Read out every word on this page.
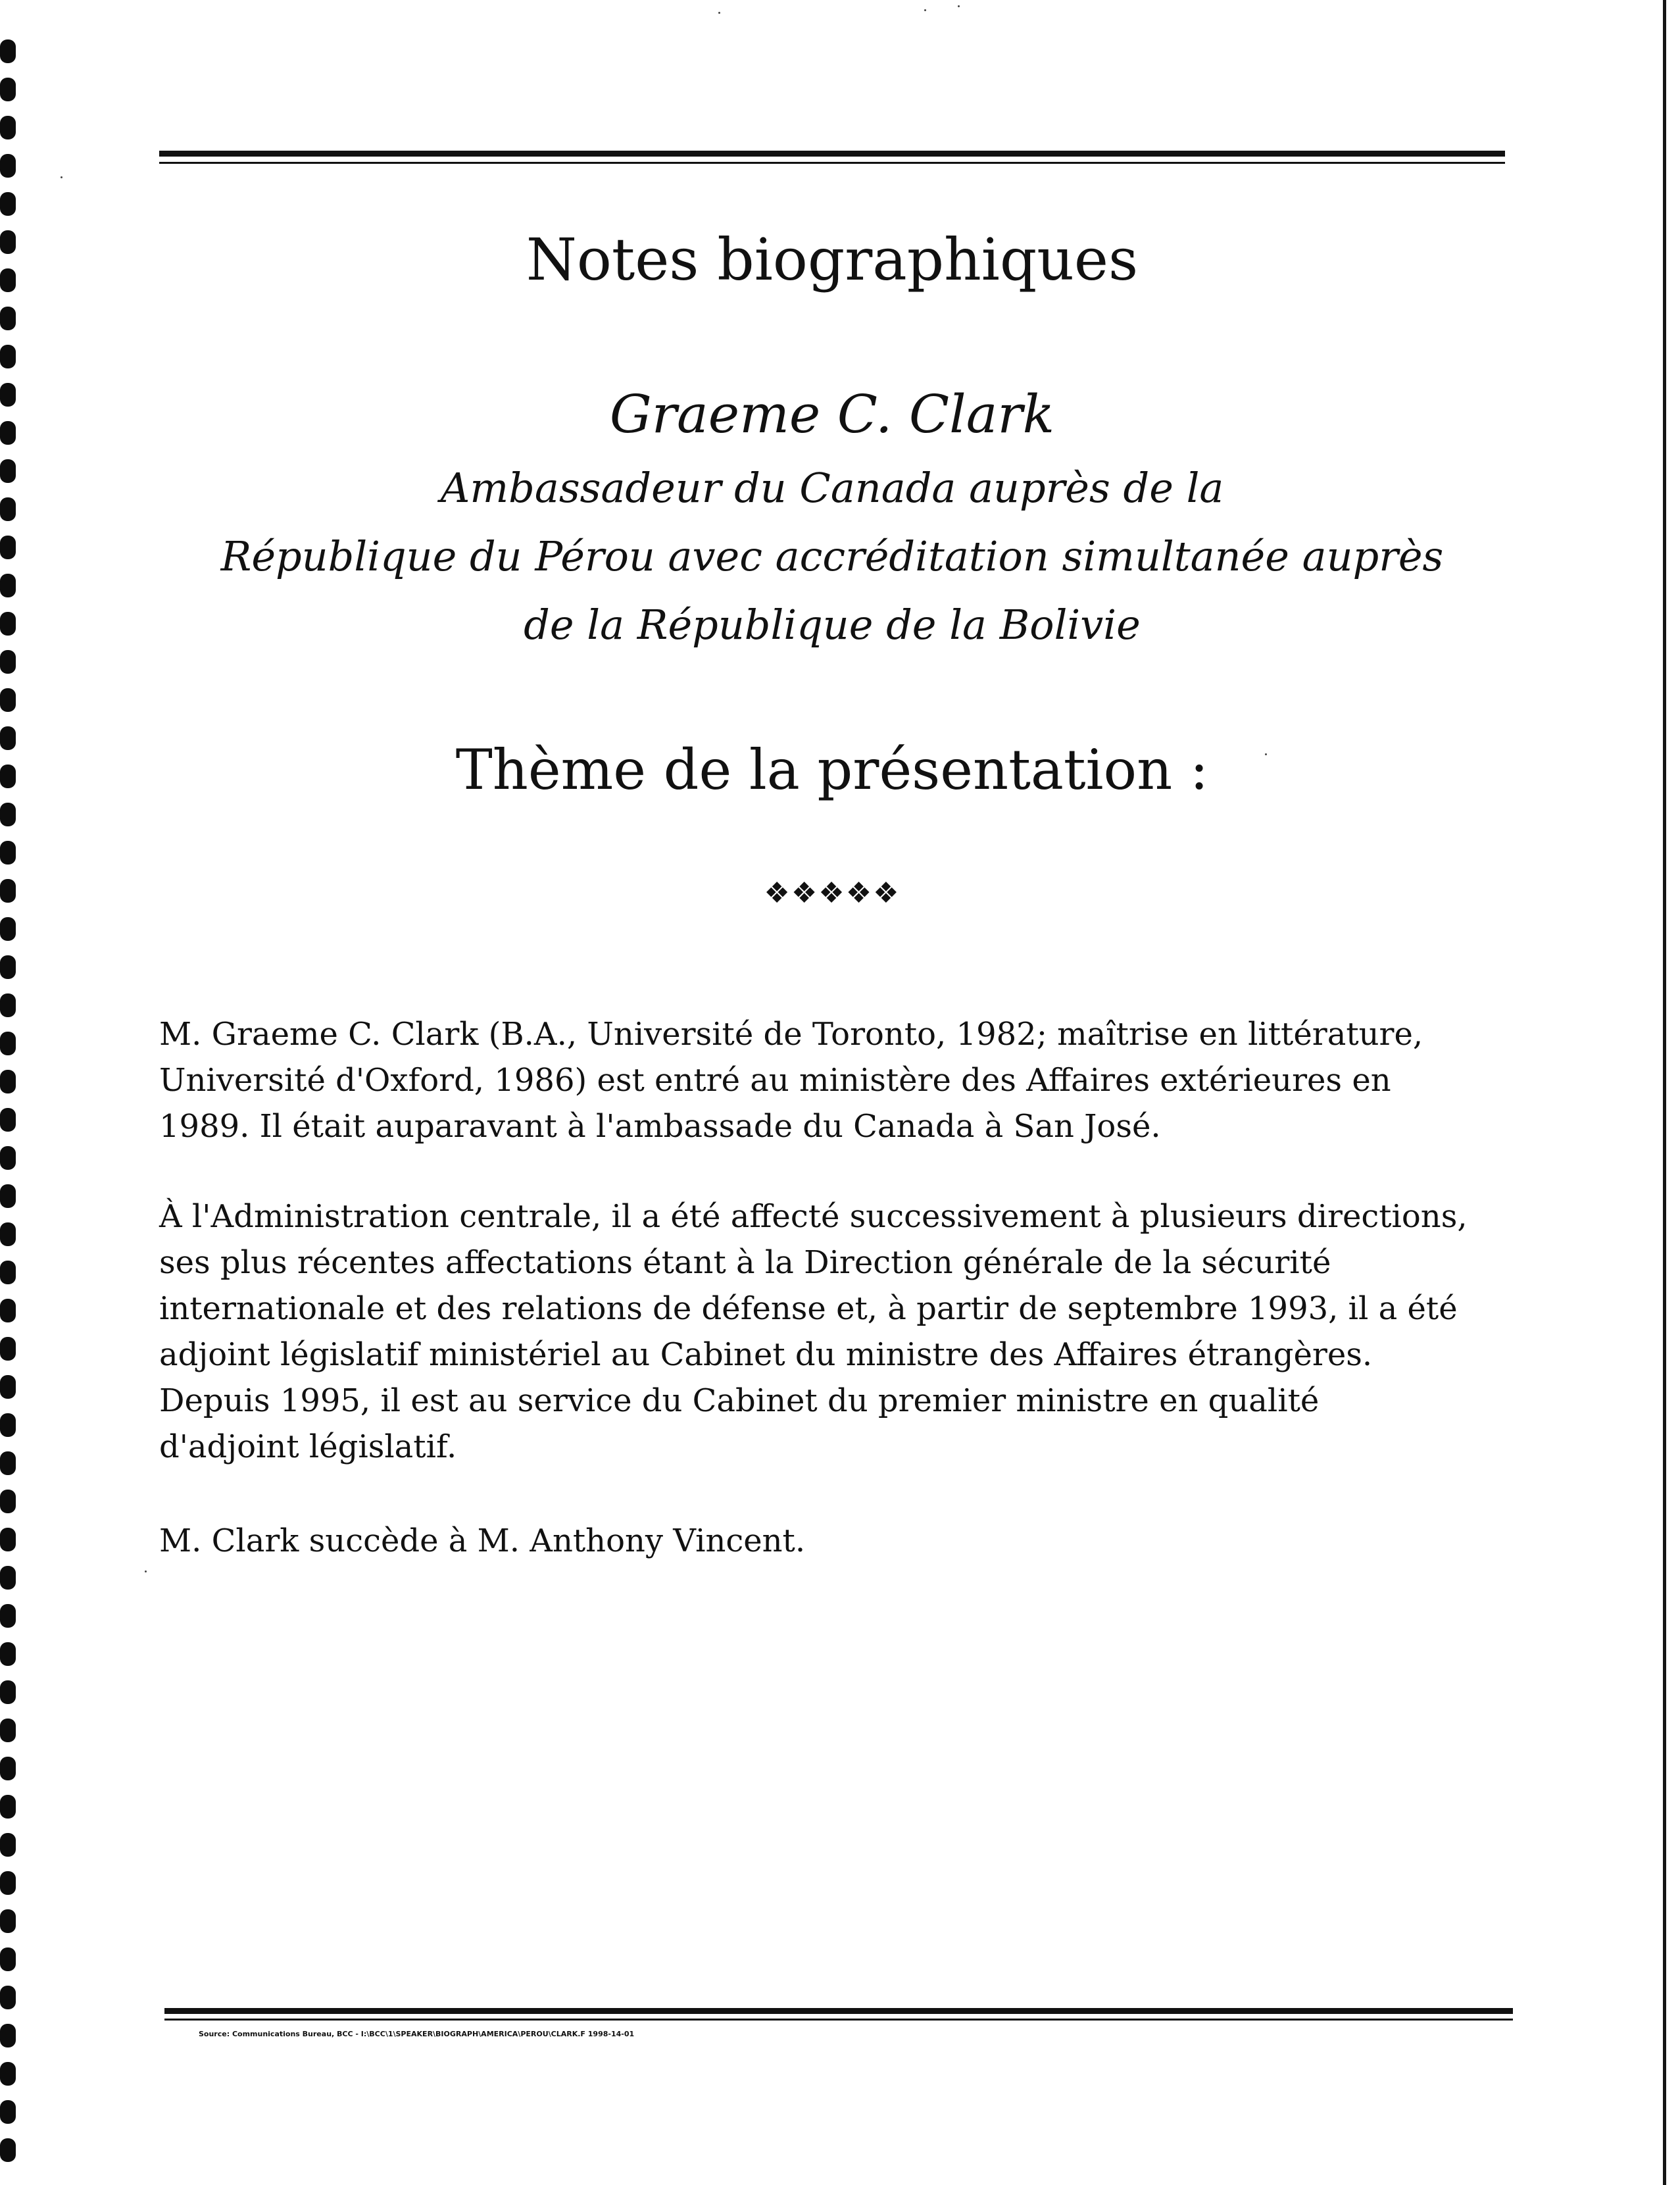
Notes biographiques
Graeme C. Clark
Ambassadeur du Canada auprès de la
République du Pérou avec accréditation simultanée auprès
de la République de la Bolivie
Thème de la présentation :
❖❖❖❖❖
M. Graeme C. Clark (B.A., Université de Toronto, 1982; maîtrise en littérature,
Université d'Oxford, 1986) est entré au ministère des Affaires extérieures en
1989. Il était auparavant à l'ambassade du Canada à San José.
À l'Administration centrale, il a été affecté successivement à plusieurs directions,
ses plus récentes affectations étant à la Direction générale de la sécurité
internationale et des relations de défense et, à partir de septembre 1993, il a été
adjoint législatif ministériel au Cabinet du ministre des Affaires étrangères.
Depuis 1995, il est au service du Cabinet du premier ministre en qualité
d'adjoint législatif.
M. Clark succède à M. Anthony Vincent.
Source: Communications Bureau, BCC - I:\BCC\1\SPEAKER\BIOGRAPH\AMERICA\PEROU\CLARK.F 1998-14-01
